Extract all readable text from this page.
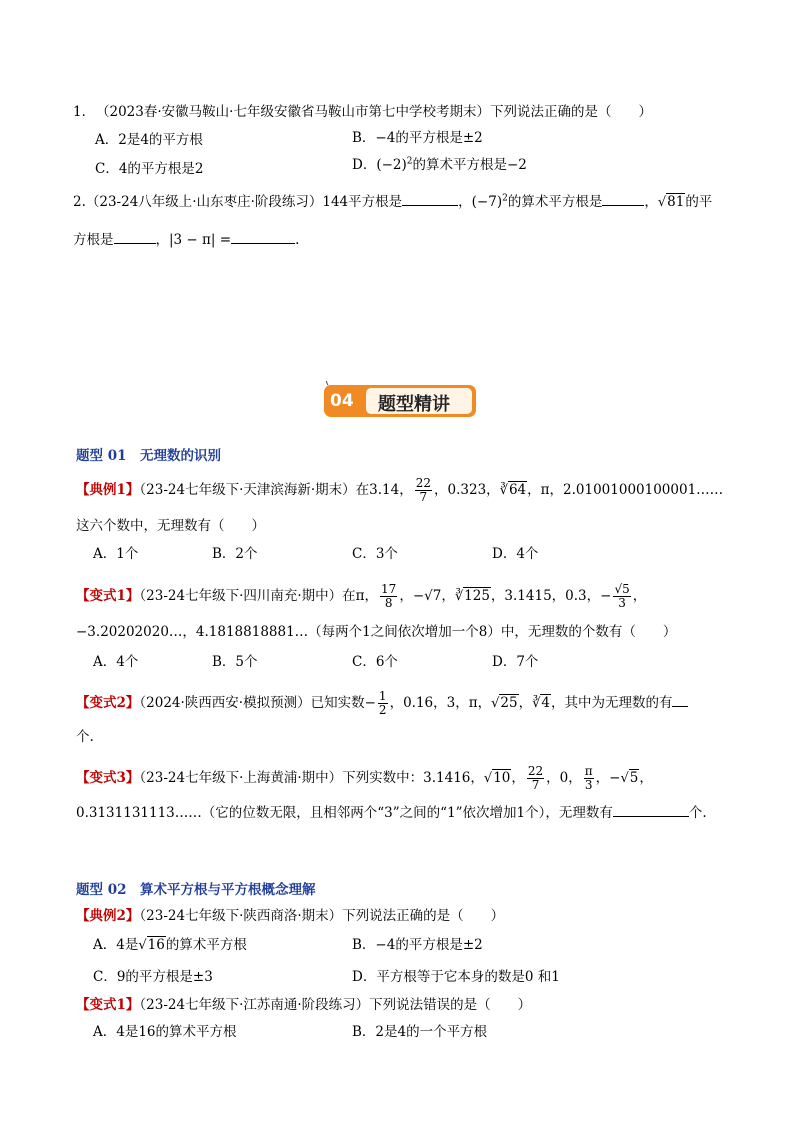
1． （2023春·安徽马鞍山·七年级安徽省马鞍山市第七中学校考期末）下列说法正确的是（　　）
A．2是4的平方根	B．−4的平方根是±2
C．4的平方根是2	D．$(-2)^2$的算术平方根是−2
2.（23-24八年级上·山东枣庄·阶段练习）144平方根是	，$(-7)^2$的算术平方根是	，√81的平
方根是	，|3 − π| =	.
04 题型精讲
题型 01　无理数的识别
【典例1】（23-24七年级下·天津滨海新·期末）在3.14， $\frac{22}{7}$ ，0.323，∛64，π，2.01001000100001……
这六个数中，无理数有（　　）
A．1个	B．2个	C．3个	D．4个
【变式1】（23-24七年级下·四川南充·期中）在π， $\frac{17}{8}$ ，−√7，∛125，3.1415，0.3，− $\frac{√5}{3}$ ，
−3.20202020…，4.1818818881…（每两个1之间依次增加一个8）中，无理数的个数有（　　）
A．4个	B．5个	C．6个	D．7个
【变式2】（2024·陕西西安·模拟预测）已知实数− $\frac{1}{2}$ ，0.16，3，π，√25，∛4，其中为无理数的有
个.
【变式3】（23-24七年级下·上海黄浦·期中）下列实数中：3.1416，√10， $\frac{22}{7}$ ，0， $\frac{\pi}{3}$ ，−√5，
0.3131131113……（它的位数无限，且相邻两个“3”之间的“1”依次增加1个），无理数有	个.
题型 02　算术平方根与平方根概念理解
【典例2】（23-24七年级下·陕西商洛·期末）下列说法正确的是（　　）
A．4是√16的算术平方根	B．−4的平方根是±2
C．9的平方根是±3	D．平方根等于它本身的数是0 和1
【变式1】（23-24七年级下·江苏南通·阶段练习）下列说法错误的是（　　）
A．4是16的算术平方根	B．2是4的一个平方根
